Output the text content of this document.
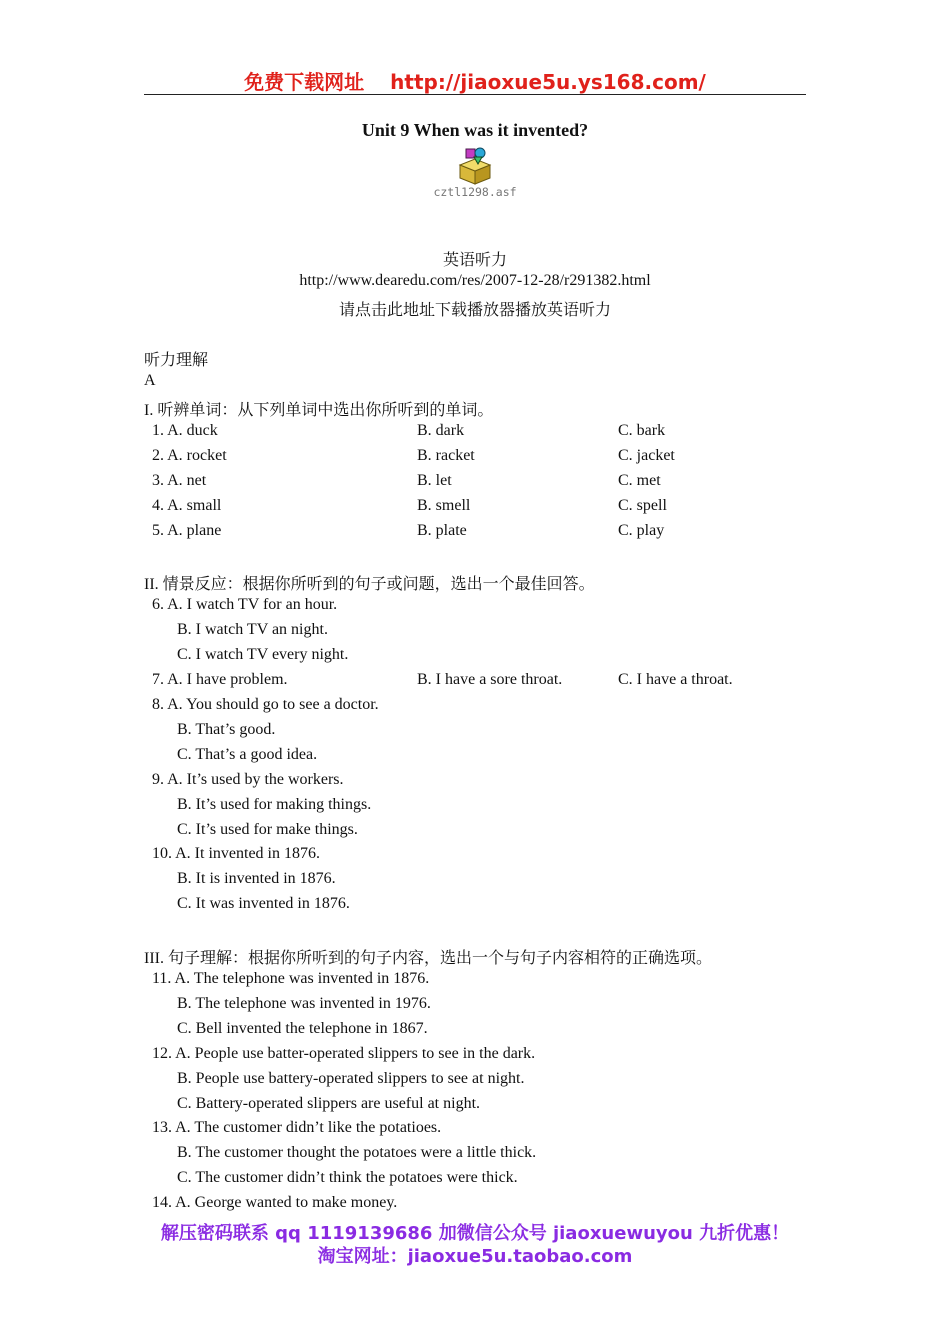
免费下载网址 http://jiaoxue5u.ys168.com/
Unit 9 When was it invented?
cztl1298.asf
英语听力
http://www.dearedu.com/res/2007-12-28/r291382.html
请点击此地址下载播放器播放英语听力
听力理解
A
I. 听辨单词：从下列单词中选出你所听到的单词。
1. A. duck	B. dark	C. bark
2. A. rocket	B. racket	C. jacket
3. A. net	B. let	C. met
4. A. small	B. smell	C. spell
5. A. plane	B. plate	C. play
II. 情景反应：根据你所听到的句子或问题，选出一个最佳回答。
6. A. I watch TV for an hour.
B. I watch TV an night.
C. I watch TV every night.
7. A. I have problem.	B. I have a sore throat.	C. I have a throat.
8. A. You should go to see a doctor.
B. That’s good.
C. That’s a good idea.
9. A. It’s used by the workers.
B. It’s used for making things.
C. It’s used for make things.
10. A. It invented in 1876.
B. It is invented in 1876.
C. It was invented in 1876.
III. 句子理解：根据你所听到的句子内容，选出一个与句子内容相符的正确选项。
11. A. The telephone was invented in 1876.
B. The telephone was invented in 1976.
C. Bell invented the telephone in 1867.
12. A. People use batter-operated slippers to see in the dark.
B. People use battery-operated slippers to see at night.
C. Battery-operated slippers are useful at night.
13. A. The customer didn’t like the potatioes.
B. The customer thought the potatoes were a little thick.
C. The customer didn’t think the potatoes were thick.
14. A. George wanted to make money.
解压密码联系 qq 1119139686 加微信公众号 jiaoxuewuyou 九折优惠！
淘宝网址：jiaoxue5u.taobao.com
